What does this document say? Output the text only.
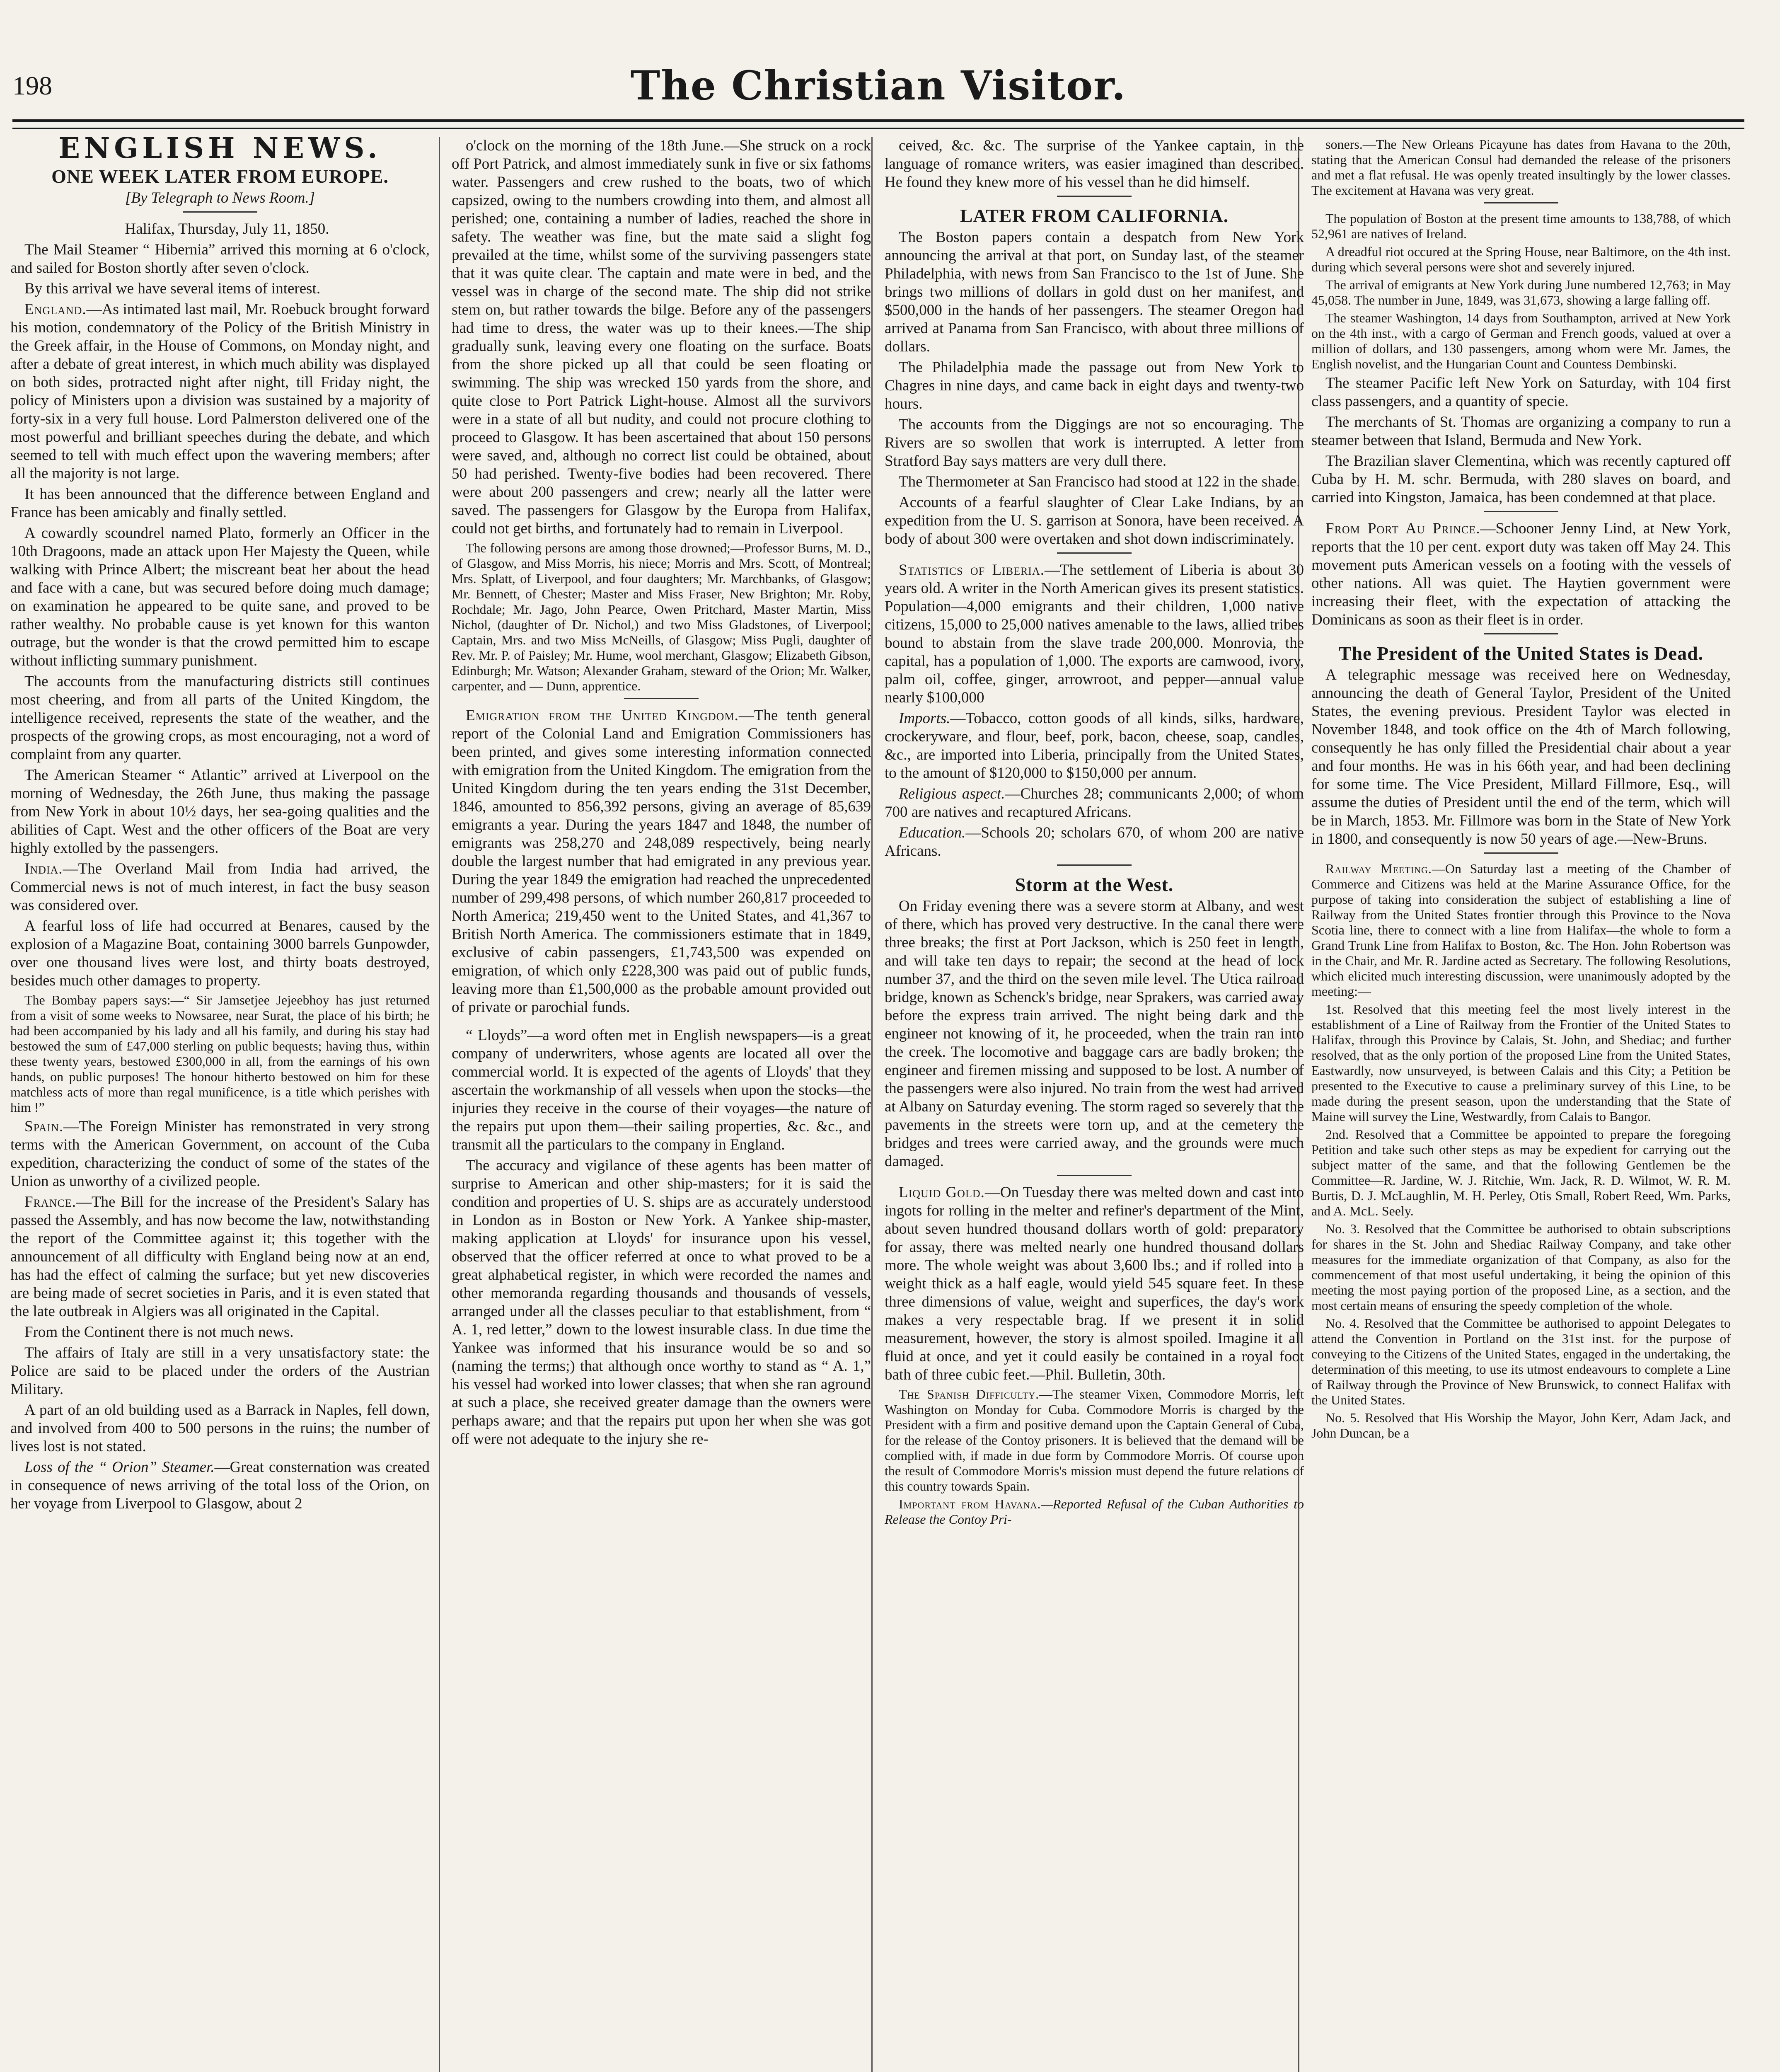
198	The Christian Visitor.
ENGLISH NEWS.
ONE WEEK LATER FROM EUROPE.

[By Telegraph to News Room.]

Halifax, Thursday, July 11, 1850.

The Mail Steamer “ Hibernia” arrived this morning at 6 o'clock, and sailed for Boston shortly after seven o'clock.

By this arrival we have several items of interest.

England.—As intimated last mail, Mr. Roebuck brought forward his motion, condemnatory of the Policy of the British Ministry in the Greek affair, in the House of Commons, on Monday night, and after a debate of great interest, in which much ability was displayed on both sides, protracted night after night, till Friday night, the policy of Ministers upon a division was sustained by a majority of forty-six in a very full house. Lord Palmerston delivered one of the most powerful and brilliant speeches during the debate, and which seemed to tell with much effect upon the wavering members; after all the majority is not large.

It has been announced that the difference between England and France has been amicably and finally settled.

A cowardly scoundrel named Plato, formerly an Officer in the 10th Dragoons, made an attack upon Her Majesty the Queen, while walking with Prince Albert; the miscreant beat her about the head and face with a cane, but was secured before doing much damage; on examination he appeared to be quite sane, and proved to be rather wealthy. No probable cause is yet known for this wanton outrage, but the wonder is that the crowd permitted him to escape without inflicting summary punishment.

The accounts from the manufacturing districts still continues most cheering, and from all parts of the United Kingdom, the intelligence received, represents the state of the weather, and the prospects of the growing crops, as most encouraging, not a word of complaint from any quarter.

The American Steamer “ Atlantic” arrived at Liverpool on the morning of Wednesday, the 26th June, thus making the passage from New York in about 10½ days, her sea-going qualities and the abilities of Capt. West and the other officers of the Boat are very highly extolled by the passengers.

India.—The Overland Mail from India had arrived, the Commercial news is not of much interest, in fact the busy season was considered over.

A fearful loss of life had occurred at Benares, caused by the explosion of a Magazine Boat, containing 3000 barrels Gunpowder, over one thousand lives were lost, and thirty boats destroyed, besides much other damages to property.

The Bombay papers says:—“ Sir Jamsetjee Jejeebhoy has just returned from a visit of some weeks to Nowsaree, near Surat, the place of his birth; he had been accompanied by his lady and all his family, and during his stay had bestowed the sum of £47,000 sterling on public bequests; having thus, within these twenty years, bestowed £300,000 in all, from the earnings of his own hands, on public purposes! The honour hitherto bestowed on him for these matchless acts of more than regal munificence, is a title which perishes with him !”

Spain.—The Foreign Minister has remonstrated in very strong terms with the American Government, on account of the Cuba expedition, characterizing the conduct of some of the states of the Union as unworthy of a civilized people.

France.—The Bill for the increase of the President's Salary has passed the Assembly, and has now become the law, notwithstanding the report of the Committee against it; this together with the announcement of all difficulty with England being now at an end, has had the effect of calming the surface; but yet new discoveries are being made of secret societies in Paris, and it is even stated that the late outbreak in Algiers was all originated in the Capital.

From the Continent there is not much news.

The affairs of Italy are still in a very unsatisfactory state: the Police are said to be placed under the orders of the Austrian Military.

A part of an old building used as a Barrack in Naples, fell down, and involved from 400 to 500 persons in the ruins; the number of lives lost is not stated.

Loss of the “ Orion” Steamer.—Great consternation was created in consequence of news arriving of the total loss of the Orion, on her voyage from Liverpool to Glasgow, about 2

o'clock on the morning of the 18th June.—She struck on a rock off Port Patrick, and almost immediately sunk in five or six fathoms water. Passengers and crew rushed to the boats, two of which capsized, owing to the numbers crowding into them, and almost all perished; one, containing a number of ladies, reached the shore in safety. The weather was fine, but the mate said a slight fog prevailed at the time, whilst some of the surviving passengers state that it was quite clear. The captain and mate were in bed, and the vessel was in charge of the second mate. The ship did not strike stem on, but rather towards the bilge. Before any of the passengers had time to dress, the water was up to their knees.—The ship gradually sunk, leaving every one floating on the surface. Boats from the shore picked up all that could be seen floating or swimming. The ship was wrecked 150 yards from the shore, and quite close to Port Patrick Light-house. Almost all the survivors were in a state of all but nudity, and could not procure clothing to proceed to Glasgow. It has been ascertained that about 150 persons were saved, and, although no correct list could be obtained, about 50 had perished. Twenty-five bodies had been recovered. There were about 200 passengers and crew; nearly all the latter were saved. The passengers for Glasgow by the Europa from Halifax, could not get births, and fortunately had to remain in Liverpool.

The following persons are among those drowned;—Professor Burns, M. D., of Glasgow, and Miss Morris, his niece; Morris and Mrs. Scott, of Montreal; Mrs. Splatt, of Liverpool, and four daughters; Mr. Marchbanks, of Glasgow; Mr. Bennett, of Chester; Master and Miss Fraser, New Brighton; Mr. Roby, Rochdale; Mr. Jago, John Pearce, Owen Pritchard, Master Martin, Miss Nichol, (daughter of Dr. Nichol,) and two Miss Gladstones, of Liverpool; Captain, Mrs. and two Miss McNeills, of Glasgow; Miss Pugli, daughter of Rev. Mr. P. of Paisley; Mr. Hume, wool merchant, Glasgow; Elizabeth Gibson, Edinburgh; Mr. Watson; Alexander Graham, steward of the Orion; Mr. Walker, carpenter, and — Dunn, apprentice.

Emigration from the United Kingdom.—The tenth general report of the Colonial Land and Emigration Commissioners has been printed, and gives some interesting information connected with emigration from the United Kingdom. The emigration from the United Kingdom during the ten years ending the 31st December, 1846, amounted to 856,392 persons, giving an average of 85,639 emigrants a year. During the years 1847 and 1848, the number of emigrants was 258,270 and 248,089 respectively, being nearly double the largest number that had emigrated in any previous year. During the year 1849 the emigration had reached the unprecedented number of 299,498 persons, of which number 260,817 proceeded to North America; 219,450 went to the United States, and 41,367 to British North America. The commissioners estimate that in 1849, exclusive of cabin passengers, £1,743,500 was expended on emigration, of which only £228,300 was paid out of public funds, leaving more than £1,500,000 as the probable amount provided out of private or parochial funds.

“ Lloyds”—a word often met in English newspapers—is a great company of underwriters, whose agents are located all over the commercial world. It is expected of the agents of Lloyds' that they ascertain the workmanship of all vessels when upon the stocks—the injuries they receive in the course of their voyages—the nature of the repairs put upon them—their sailing properties, &c. &c., and transmit all the particulars to the company in England.

The accuracy and vigilance of these agents has been matter of surprise to American and other ship-masters; for it is said the condition and properties of U. S. ships are as accurately understood in London as in Boston or New York. A Yankee ship-master, making application at Lloyds' for insurance upon his vessel, observed that the officer referred at once to what proved to be a great alphabetical register, in which were recorded the names and other memoranda regarding thousands and thousands of vessels, arranged under all the classes peculiar to that establishment, from “ A. 1, red letter,” down to the lowest insurable class. In due time the Yankee was informed that his insurance would be so and so (naming the terms;) that although once worthy to stand as “ A. 1,” his vessel had worked into lower classes; that when she ran aground at such a place, she received greater damage than the owners were perhaps aware; and that the repairs put upon her when she was got off were not adequate to the injury she re-

ceived, &c. &c. The surprise of the Yankee captain, in the language of romance writers, was easier imagined than described. He found they knew more of his vessel than he did himself.

LATER FROM CALIFORNIA.

The Boston papers contain a despatch from New York announcing the arrival at that port, on Sunday last, of the steamer Philadelphia, with news from San Francisco to the 1st of June. She brings two millions of dollars in gold dust on her manifest, and $500,000 in the hands of her passengers. The steamer Oregon had arrived at Panama from San Francisco, with about three millions of dollars.

The Philadelphia made the passage out from New York to Chagres in nine days, and came back in eight days and twenty-two hours.

The accounts from the Diggings are not so encouraging. The Rivers are so swollen that work is interrupted. A letter from Stratford Bay says matters are very dull there.

The Thermometer at San Francisco had stood at 122 in the shade.

Accounts of a fearful slaughter of Clear Lake Indians, by an expedition from the U. S. garrison at Sonora, have been received. A body of about 300 were overtaken and shot down indiscriminately.

Statistics of Liberia.—The settlement of Liberia is about 30 years old. A writer in the North American gives its present statistics. Population—4,000 emigrants and their children, 1,000 native citizens, 15,000 to 25,000 natives amenable to the laws, allied tribes bound to abstain from the slave trade 200,000. Monrovia, the capital, has a population of 1,000. The exports are camwood, ivory, palm oil, coffee, ginger, arrowroot, and pepper—annual value nearly $100,000

Imports.—Tobacco, cotton goods of all kinds, silks, hardware, crockeryware, and flour, beef, pork, bacon, cheese, soap, candles, &c., are imported into Liberia, principally from the United States, to the amount of $120,000 to $150,000 per annum.

Religious aspect.—Churches 28; communicants 2,000; of whom 700 are natives and recaptured Africans.

Education.—Schools 20; scholars 670, of whom 200 are native Africans.

Storm at the West.

On Friday evening there was a severe storm at Albany, and west of there, which has proved very destructive. In the canal there were three breaks; the first at Port Jackson, which is 250 feet in length, and will take ten days to repair; the second at the head of lock number 37, and the third on the seven mile level. The Utica railroad bridge, known as Schenck's bridge, near Sprakers, was carried away before the express train arrived. The night being dark and the engineer not knowing of it, he proceeded, when the train ran into the creek. The locomotive and baggage cars are badly broken; the engineer and firemen missing and supposed to be lost. A number of the passengers were also injured. No train from the west had arrived at Albany on Saturday evening. The storm raged so severely that the pavements in the streets were torn up, and at the cemetery the bridges and trees were carried away, and the grounds were much damaged.

Liquid Gold.—On Tuesday there was melted down and cast into ingots for rolling in the melter and refiner's department of the Mint, about seven hundred thousand dollars worth of gold: preparatory for assay, there was melted nearly one hundred thousand dollars more. The whole weight was about 3,600 lbs.; and if rolled into a weight thick as a half eagle, would yield 545 square feet. In these three dimensions of value, weight and superfices, the day's work makes a very respectable brag. If we present it in solid measurement, however, the story is almost spoiled. Imagine it all fluid at once, and yet it could easily be contained in a royal foot bath of three cubic feet.—Phil. Bulletin, 30th.

The Spanish Difficulty.—The steamer Vixen, Commodore Morris, left Washington on Monday for Cuba. Commodore Morris is charged by the President with a firm and positive demand upon the Captain General of Cuba, for the release of the Contoy prisoners. It is believed that the demand will be complied with, if made in due form by Commodore Morris. Of course upon the result of Commodore Morris's mission must depend the future relations of this country towards Spain.

Important from Havana.—Reported Refusal of the Cuban Authorities to Release the Contoy Pri-

soners.—The New Orleans Picayune has dates from Havana to the 20th, stating that the American Consul had demanded the release of the prisoners and met a flat refusal. He was openly treated insultingly by the lower classes. The excitement at Havana was very great.

The population of Boston at the present time amounts to 138,788, of which 52,961 are natives of Ireland.

A dreadful riot occured at the Spring House, near Baltimore, on the 4th inst. during which several persons were shot and severely injured.

The arrival of emigrants at New York during June numbered 12,763; in May 45,058. The number in June, 1849, was 31,673, showing a large falling off.

The steamer Washington, 14 days from Southampton, arrived at New York on the 4th inst., with a cargo of German and French goods, valued at over a million of dollars, and 130 passengers, among whom were Mr. James, the English novelist, and the Hungarian Count and Countess Dembinski.

The steamer Pacific left New York on Saturday, with 104 first class passengers, and a quantity of specie.

The merchants of St. Thomas are organizing a company to run a steamer between that Island, Bermuda and New York.

The Brazilian slaver Clementina, which was recently captured off Cuba by H. M. schr. Bermuda, with 280 slaves on board, and carried into Kingston, Jamaica, has been condemned at that place.

From Port Au Prince.—Schooner Jenny Lind, at New York, reports that the 10 per cent. export duty was taken off May 24. This movement puts American vessels on a footing with the vessels of other nations. All was quiet. The Haytien government were increasing their fleet, with the expectation of attacking the Dominicans as soon as their fleet is in order.

The President of the United States is Dead.

A telegraphic message was received here on Wednesday, announcing the death of General Taylor, President of the United States, the evening previous. President Taylor was elected in November 1848, and took office on the 4th of March following, consequently he has only filled the Presidential chair about a year and four months. He was in his 66th year, and had been declining for some time. The Vice President, Millard Fillmore, Esq., will assume the duties of President until the end of the term, which will be in March, 1853. Mr. Fillmore was born in the State of New York in 1800, and consequently is now 50 years of age.—New-Bruns.

Railway Meeting.—On Saturday last a meeting of the Chamber of Commerce and Citizens was held at the Marine Assurance Office, for the purpose of taking into consideration the subject of establishing a line of Railway from the United States frontier through this Province to the Nova Scotia line, there to connect with a line from Halifax—the whole to form a Grand Trunk Line from Halifax to Boston, &c. The Hon. John Robertson was in the Chair, and Mr. R. Jardine acted as Secretary. The following Resolutions, which elicited much interesting discussion, were unanimously adopted by the meeting:—

1st. Resolved that this meeting feel the most lively interest in the establishment of a Line of Railway from the Frontier of the United States to Halifax, through this Province by Calais, St. John, and Shediac; and further resolved, that as the only portion of the proposed Line from the United States, Eastwardly, now unsurveyed, is between Calais and this City; a Petition be presented to the Executive to cause a preliminary survey of this Line, to be made during the present season, upon the understanding that the State of Maine will survey the Line, Westwardly, from Calais to Bangor.

2nd. Resolved that a Committee be appointed to prepare the foregoing Petition and take such other steps as may be expedient for carrying out the subject matter of the same, and that the following Gentlemen be the Committee—R. Jardine, W. J. Ritchie, Wm. Jack, R. D. Wilmot, W. R. M. Burtis, D. J. McLaughlin, M. H. Perley, Otis Small, Robert Reed, Wm. Parks, and A. McL. Seely.

No. 3. Resolved that the Committee be authorised to obtain subscriptions for shares in the St. John and Shediac Railway Company, and take other measures for the immediate organization of that Company, as also for the commencement of that most useful undertaking, it being the opinion of this meeting the most paying portion of the proposed Line, as a section, and the most certain means of ensuring the speedy completion of the whole.

No. 4. Resolved that the Committee be authorised to appoint Delegates to attend the Convention in Portland on the 31st inst. for the purpose of conveying to the Citizens of the United States, engaged in the undertaking, the determination of this meeting, to use its utmost endeavours to complete a Line of Railway through the Province of New Brunswick, to connect Halifax with the United States.

No. 5. Resolved that His Worship the Mayor, John Kerr, Adam Jack, and John Duncan, be a
